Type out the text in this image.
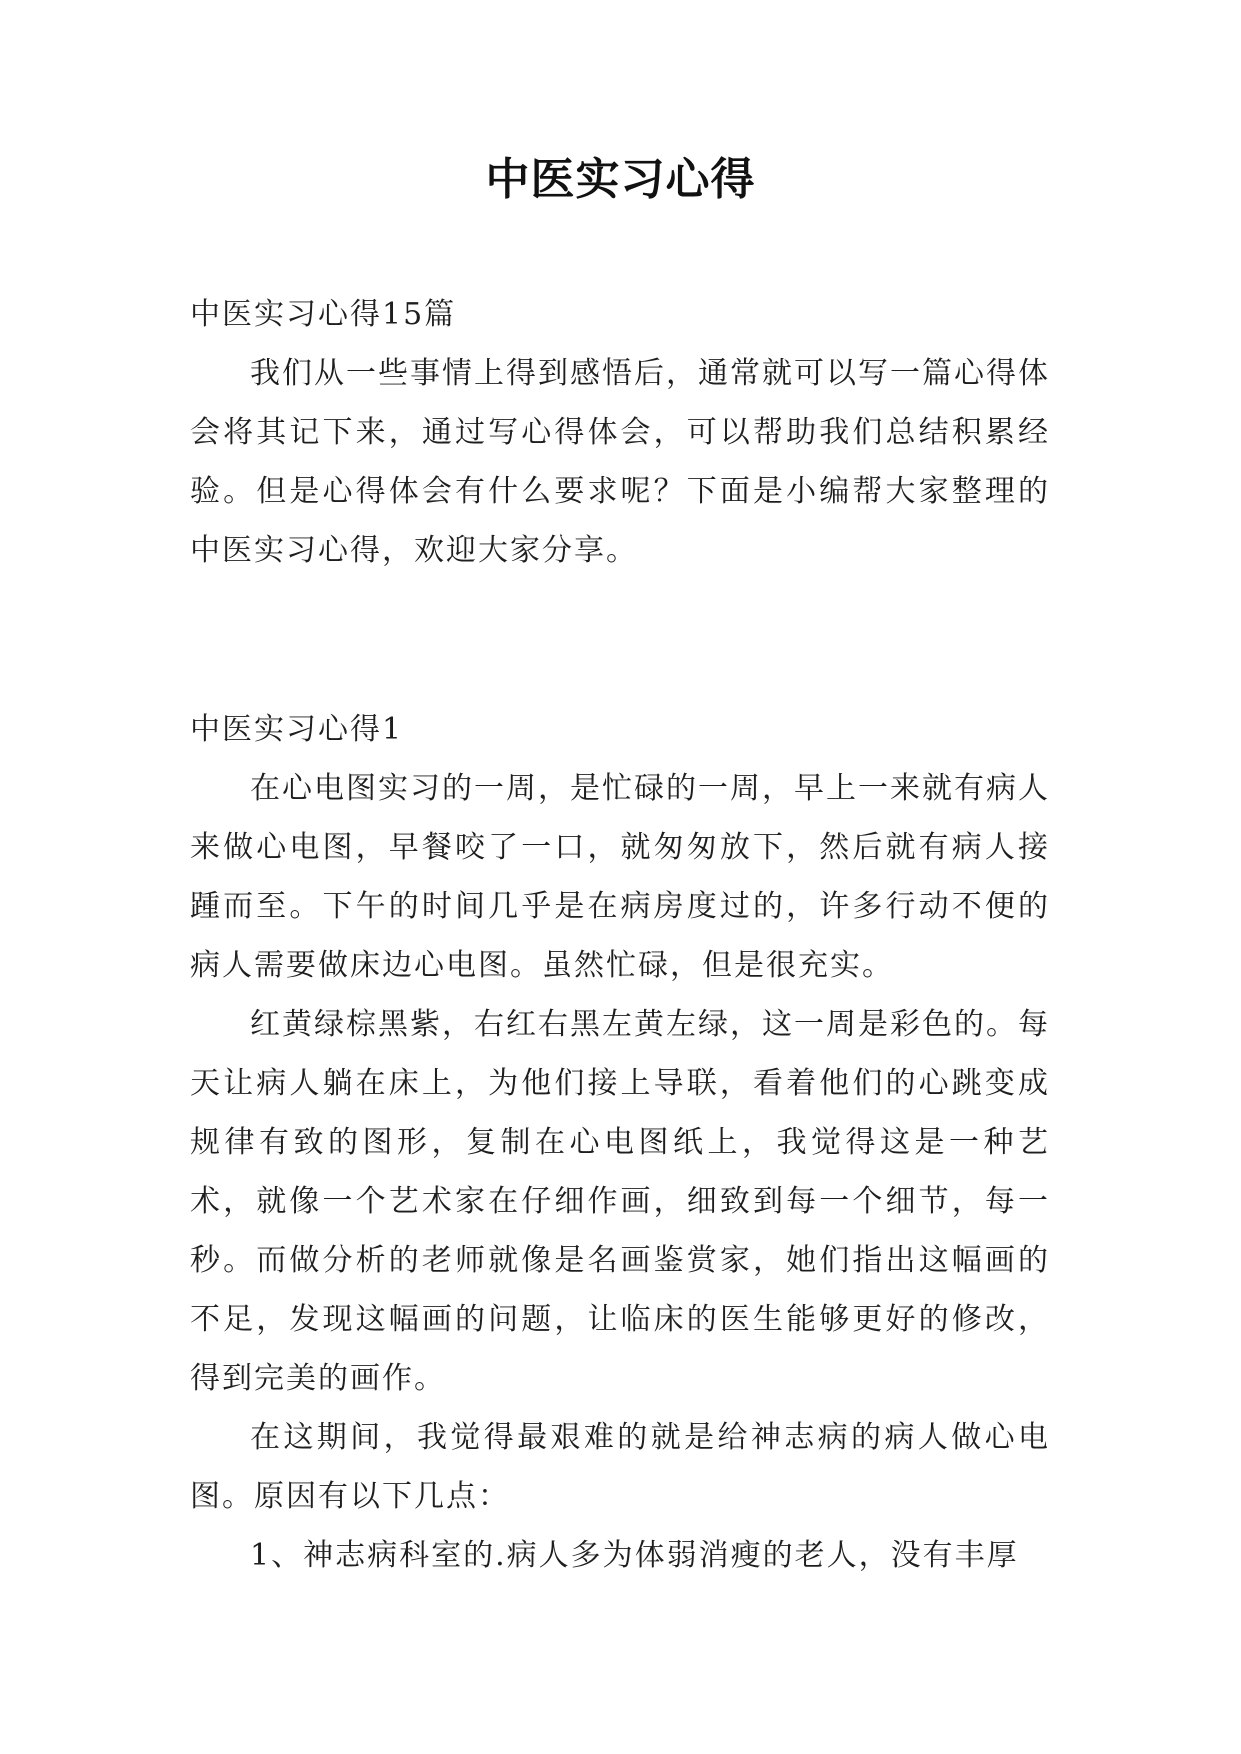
中医实习心得

中医实习心得15篇

我们从一些事情上得到感悟后，通常就可以写一篇心得体会将其记下来，通过写心得体会，可以帮助我们总结积累经验。但是心得体会有什么要求呢？下面是小编帮大家整理的中医实习心得，欢迎大家分享。

中医实习心得1

在心电图实习的一周，是忙碌的一周，早上一来就有病人来做心电图，早餐咬了一口，就匆匆放下，然后就有病人接踵而至。下午的时间几乎是在病房度过的，许多行动不便的病人需要做床边心电图。虽然忙碌，但是很充实。

红黄绿棕黑紫，右红右黑左黄左绿，这一周是彩色的。每天让病人躺在床上，为他们接上导联，看着他们的心跳变成规律有致的图形，复制在心电图纸上，我觉得这是一种艺术，就像一个艺术家在仔细作画，细致到每一个细节，每一秒。而做分析的老师就像是名画鉴赏家，她们指出这幅画的不足，发现这幅画的问题，让临床的医生能够更好的修改，得到完美的画作。

在这期间，我觉得最艰难的就是给神志病的病人做心电图。原因有以下几点：

1、神志病科室的.病人多为体弱消瘦的老人，没有丰厚
